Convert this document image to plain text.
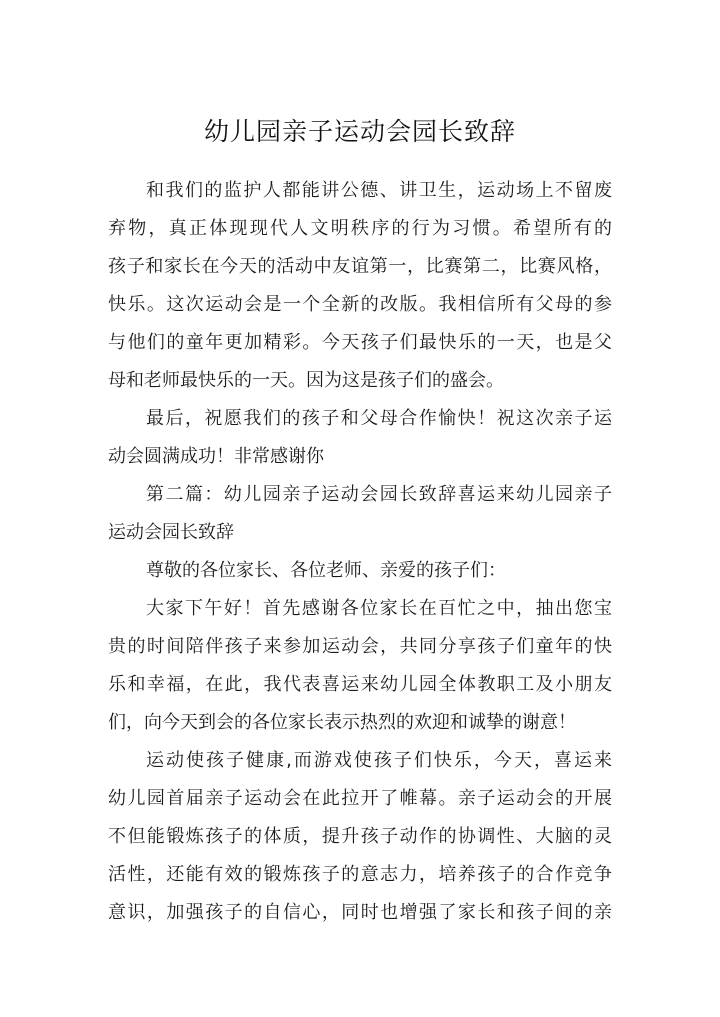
幼儿园亲子运动会园长致辞
和我们的监护人都能讲公德、讲卫生，运动场上不留废
弃物，真正体现现代人文明秩序的行为习惯。希望所有的
孩子和家长在今天的活动中友谊第一，比赛第二，比赛风格，
快乐。这次运动会是一个全新的改版。我相信所有父母的参
与他们的童年更加精彩。今天孩子们最快乐的一天，也是父
母和老师最快乐的一天。因为这是孩子们的盛会。
最后，祝愿我们的孩子和父母合作愉快！祝这次亲子运
动会圆满成功！非常感谢你
第二篇：幼儿园亲子运动会园长致辞喜运来幼儿园亲子
运动会园长致辞
尊敬的各位家长、各位老师、亲爱的孩子们：
大家下午好！首先感谢各位家长在百忙之中，抽出您宝
贵的时间陪伴孩子来参加运动会，共同分享孩子们童年的快
乐和幸福，在此，我代表喜运来幼儿园全体教职工及小朋友
们，向今天到会的各位家长表示热烈的欢迎和诚挚的谢意！
运动使孩子健康,而游戏使孩子们快乐，今天，喜运来
幼儿园首届亲子运动会在此拉开了帷幕。亲子运动会的开展
不但能锻炼孩子的体质，提升孩子动作的协调性、大脑的灵
活性，还能有效的锻炼孩子的意志力，培养孩子的合作竞争
意识，加强孩子的自信心，同时也增强了家长和孩子间的亲
